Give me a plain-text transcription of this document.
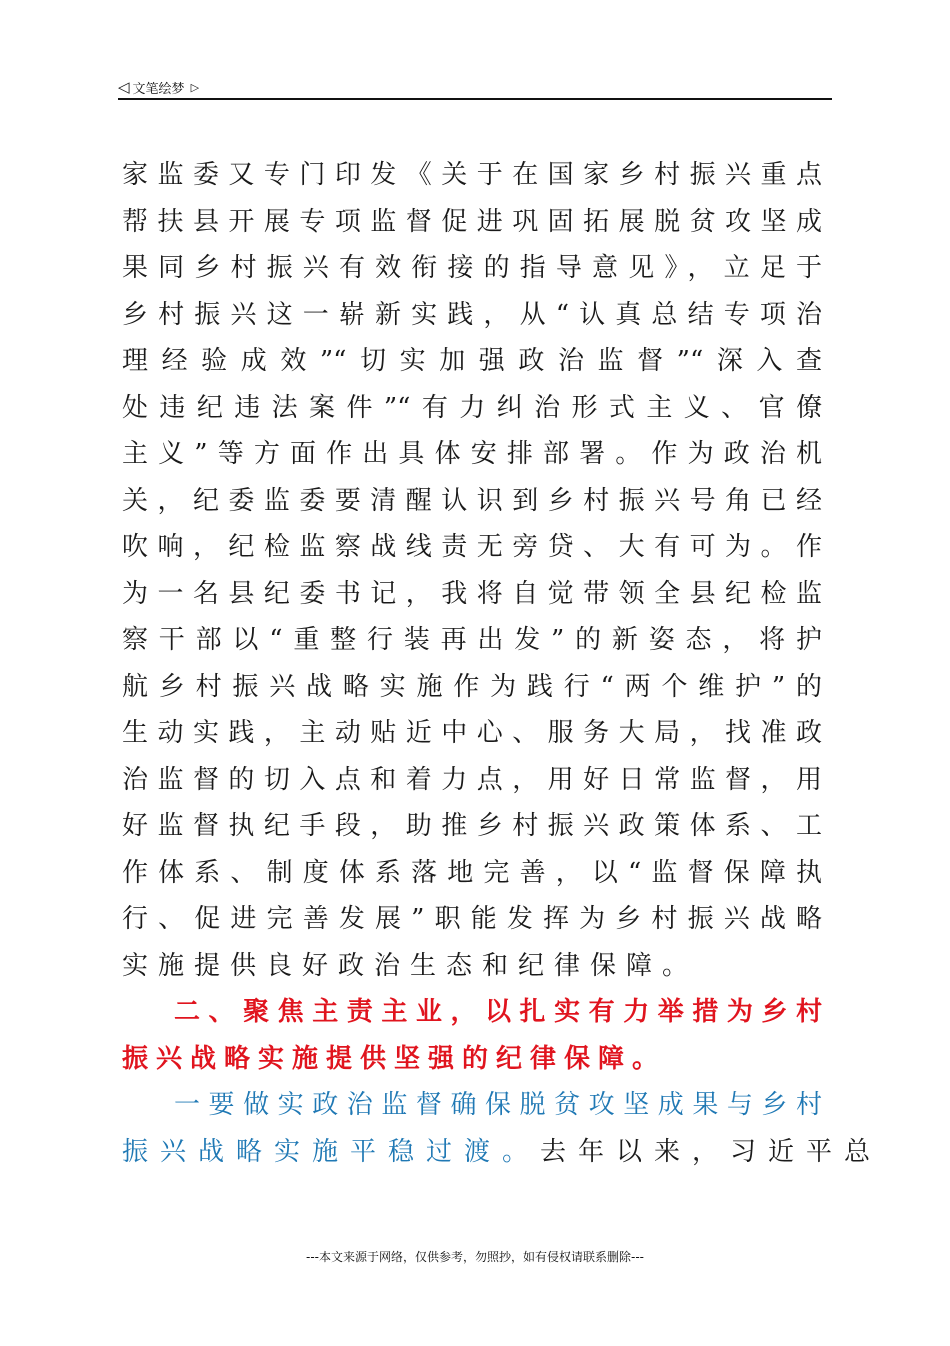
◁ 文笔绘梦 ▷
家监委又专门印发《关于在国家乡村振兴重点
帮扶县开展专项监督促进巩固拓展脱贫攻坚成
果同乡村振兴有效衔接的指导意见》，立足于
乡村振兴这一崭新实践，从“认真总结专项治
理经验成效”“切实加强政治监督”“深入查
处违纪违法案件”“有力纠治形式主义、官僚
主义”等方面作出具体安排部署。作为政治机
关，纪委监委要清醒认识到乡村振兴号角已经
吹响，纪检监察战线责无旁贷、大有可为。作
为一名县纪委书记，我将自觉带领全县纪检监
察干部以“重整行装再出发”的新姿态，将护
航乡村振兴战略实施作为践行“两个维护”的
生动实践，主动贴近中心、服务大局，找准政
治监督的切入点和着力点，用好日常监督，用
好监督执纪手段，助推乡村振兴政策体系、工
作体系、制度体系落地完善，以“监督保障执
行、促进完善发展”职能发挥为乡村振兴战略
实施提供良好政治生态和纪律保障。
二、聚焦主责主业，以扎实有力举措为乡村
振兴战略实施提供坚强的纪律保障。
一要做实政治监督确保脱贫攻坚成果与乡村
振兴战略实施平稳过渡。 去年以来，习近平总
---本文来源于网络，仅供参考，勿照抄，如有侵权请联系删除---
